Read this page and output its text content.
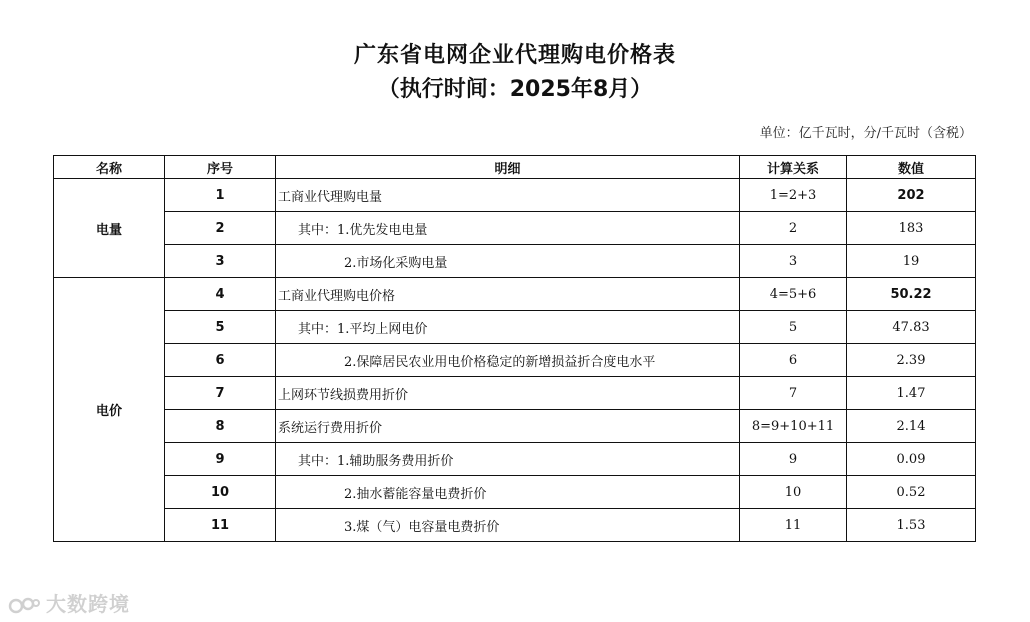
广东省电网企业代理购电价格表
（执行时间：2025年8月）
单位：亿千瓦时，分/千瓦时（含税）
名称	序号	明细	计算关系	数值
电量	1	工商业代理购电量	1=2+3	202
	2	其中：1.优先发电电量	2	183
	3	2.市场化采购电量	3	19
电价	4	工商业代理购电价格	4=5+6	50.22
	5	其中：1.平均上网电价	5	47.83
	6	2.保障居民农业用电价格稳定的新增损益折合度电水平	6	2.39
	7	上网环节线损费用折价	7	1.47
	8	系统运行费用折价	8=9+10+11	2.14
	9	其中：1.辅助服务费用折价	9	0.09
	10	2.抽水蓄能容量电费折价	10	0.52
	11	3.煤（气）电容量电费折价	11	1.53
大数跨境
